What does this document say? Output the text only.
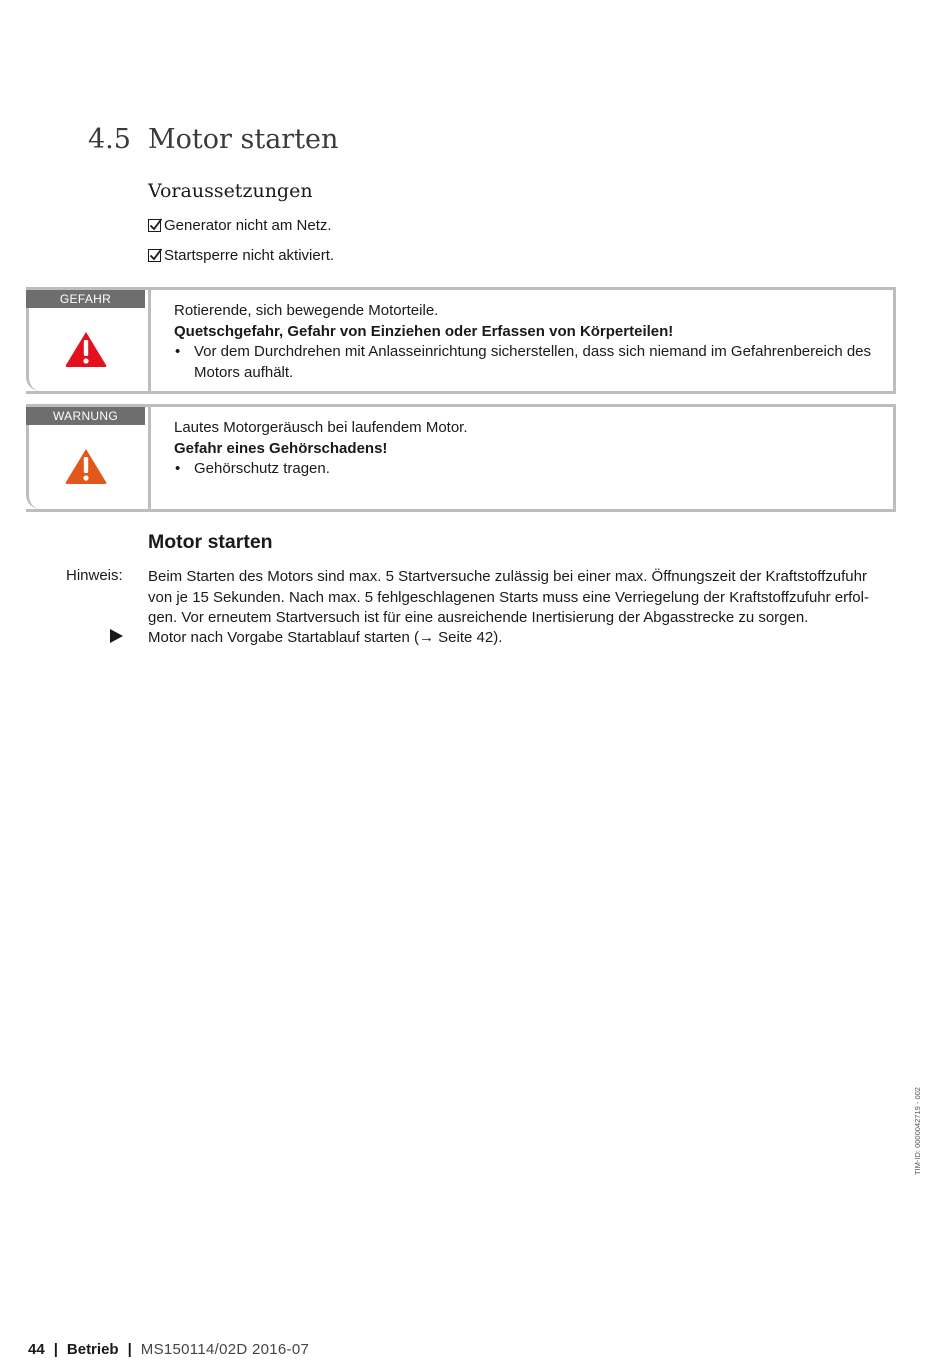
4.5 Motor starten
Voraussetzungen
Generator nicht am Netz.
Startsperre nicht aktiviert.
GEFAHR
Rotierende, sich bewegende Motorteile.
Quetschgefahr, Gefahr von Einziehen oder Erfassen von Körperteilen!
• Vor dem Durchdrehen mit Anlasseinrichtung sicherstellen, dass sich niemand im Gefahrenbereich des Motors aufhält.
WARNUNG
Lautes Motorgeräusch bei laufendem Motor.
Gefahr eines Gehörschadens!
• Gehörschutz tragen.
Motor starten
Hinweis: Beim Starten des Motors sind max. 5 Startversuche zulässig bei einer max. Öffnungszeit der Kraftstoffzufuhr von je 15 Sekunden. Nach max. 5 fehlgeschlagenen Starts muss eine Verriegelung der Kraftstoffzufuhr erfol-gen. Vor erneutem Startversuch ist für eine ausreichende Inertisierung der Abgasstrecke zu sorgen.
Motor nach Vorgabe Startablauf starten (→ Seite 42).
TIM-ID: 0000042719 - 002
44 | Betrieb | MS150114/02D 2016-07
